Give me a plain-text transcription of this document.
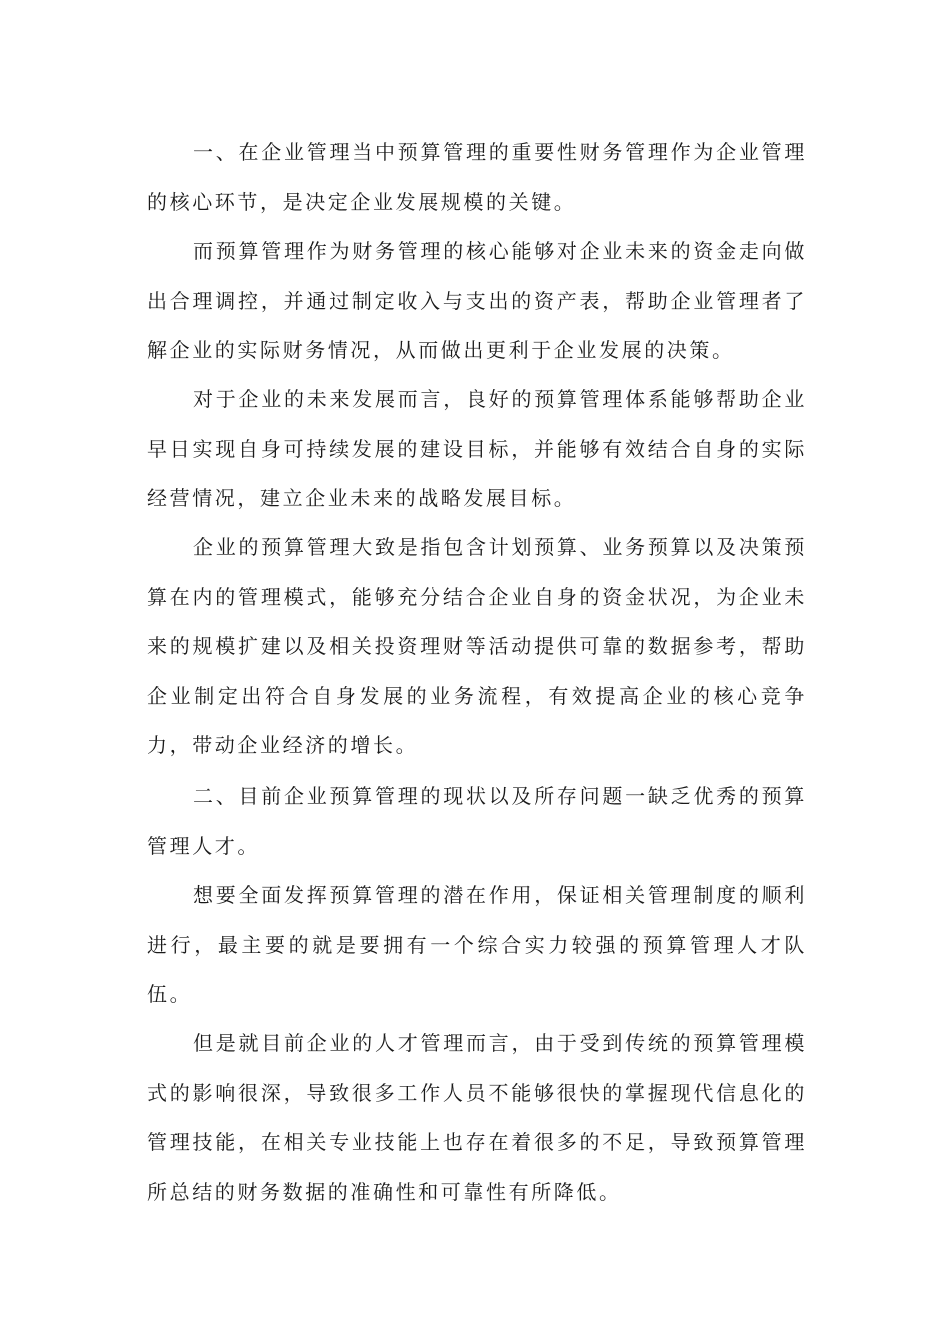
一、在企业管理当中预算管理的重要性财务管理作为企业管理的核心环节，是决定企业发展规模的关键。

而预算管理作为财务管理的核心能够对企业未来的资金走向做出合理调控，并通过制定收入与支出的资产表，帮助企业管理者了解企业的实际财务情况，从而做出更利于企业发展的决策。

对于企业的未来发展而言，良好的预算管理体系能够帮助企业早日实现自身可持续发展的建设目标，并能够有效结合自身的实际经营情况，建立企业未来的战略发展目标。

企业的预算管理大致是指包含计划预算、业务预算以及决策预算在内的管理模式，能够充分结合企业自身的资金状况，为企业未来的规模扩建以及相关投资理财等活动提供可靠的数据参考，帮助企业制定出符合自身发展的业务流程，有效提高企业的核心竞争力，带动企业经济的增长。

二、目前企业预算管理的现状以及所存问题一缺乏优秀的预算管理人才。

想要全面发挥预算管理的潜在作用，保证相关管理制度的顺利进行，最主要的就是要拥有一个综合实力较强的预算管理人才队伍。

但是就目前企业的人才管理而言，由于受到传统的预算管理模式的影响很深，导致很多工作人员不能够很快的掌握现代信息化的管理技能，在相关专业技能上也存在着很多的不足，导致预算管理所总结的财务数据的准确性和可靠性有所降低。
